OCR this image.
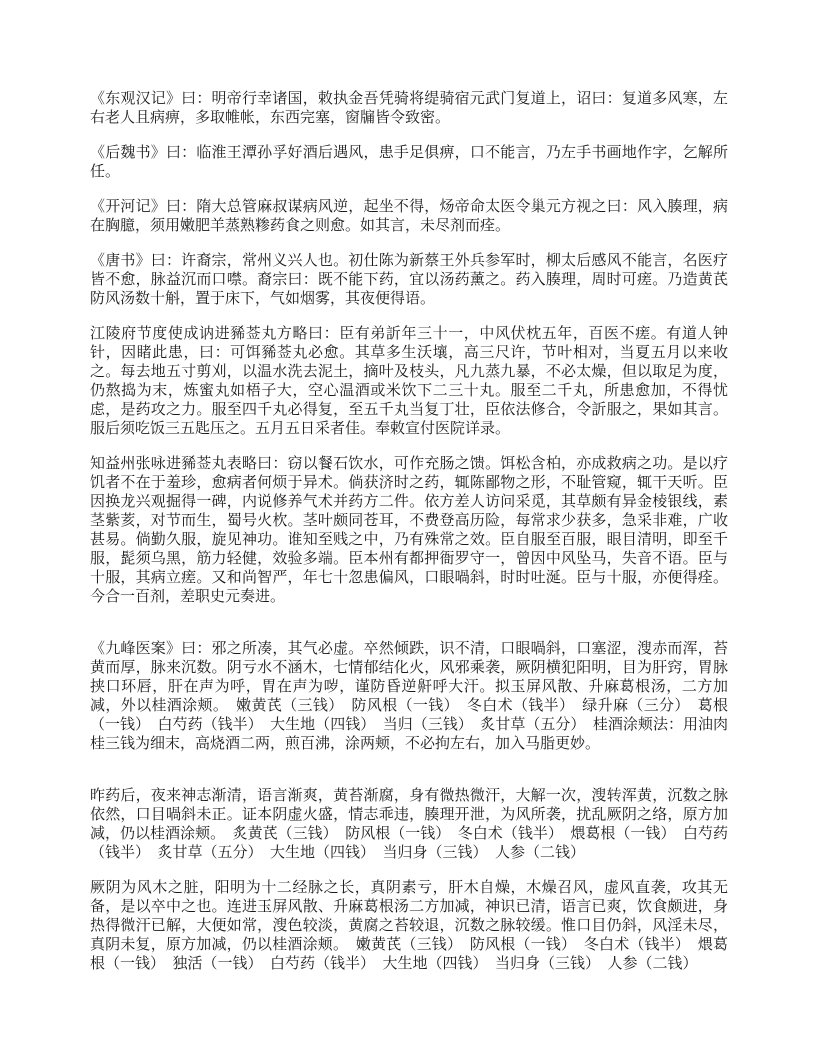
《东观汉记》曰：明帝行幸诸国，敕执金吾凭骑将缇骑宿元武门复道上，诏曰：复道多风寒，左右老人且病痹，多取帷帐，东西完塞，窗牖皆令致密。

《后魏书》曰：临淮王潭孙孚好酒后遇风，患手足俱痹，口不能言，乃左手书画地作字，乞解所任。

《开河记》曰：隋大总管麻叔谋病风逆，起坐不得，炀帝命太医令巢元方视之曰：风入腠理，病在胸臆，须用嫩肥羊蒸熟糁药食之则愈。如其言，未尽剂而痊。

《唐书》曰：许裔宗，常州义兴人也。初仕陈为新蔡王外兵参军时，柳太后感风不能言，名医疗皆不愈，脉益沉而口噤。裔宗曰：既不能下药，宜以汤药薰之。药入腠理，周时可瘥。乃造黄芪防风汤数十斛，置于床下，气如烟雾，其夜便得语。

江陵府节度使成讷进豨莶丸方略曰：臣有弟訢年三十一，中风伏枕五年，百医不瘥。有道人钟针，因睹此患，曰：可饵豨莶丸必愈。其草多生沃壤，高三尺许，节叶相对，当夏五月以来收之。每去地五寸剪刈，以温水洗去泥土，摘叶及枝头，凡九蒸九暴，不必太燥，但以取足为度，仍熬捣为末，炼蜜丸如梧子大，空心温酒或米饮下二三十丸。服至二千丸，所患愈加，不得忧虑，是药攻之力。服至四千丸必得复，至五千丸当复丁壮，臣依法修合，令訢服之，果如其言。服后须吃饭三五匙压之。五月五日采者佳。奉敕宣付医院详录。

知益州张咏进豨莶丸表略曰：窃以餐石饮水，可作充肠之馈。饵松含柏，亦成救病之功。是以疗饥者不在于羞珍，愈病者何烦于异术。倘获济时之药，辄陈鄙物之形，不耻管窥，辄干天听。臣因换龙兴观掘得一碑，内说修养气术并药方二件。依方差人访问采觅，其草颇有异金棱银线，素茎紫荄，对节而生，蜀号火杴。茎叶颇同苍耳，不费登高历险，每常求少获多，急采非难，广收甚易。倘勤久服，旋见神功。谁知至贱之中，乃有殊常之效。臣自服至百服，眼目清明，即至千服，髭须乌黑，筋力轻健，效验多端。臣本州有都押衙罗守一，曾因中风坠马，失音不语。臣与十服，其病立瘥。又和尚智严，年七十忽患偏风，口眼喎斜，时时吐涎。臣与十服，亦便得痊。今合一百剂，差职史元奏进。

《九峰医案》曰：邪之所凑，其气必虚。卒然倾跌，识不清，口眼喎斜，口塞涩，溲赤而浑，苔黄而厚，脉来沉数。阴亏水不涵木，七情郁结化火，风邪乘袭，厥阴横犯阳明，目为肝窍，胃脉挟口环唇，肝在声为呼，胃在声为哕，谨防昏逆鼾呼大汗。拟玉屏风散、升麻葛根汤，二方加减，外以桂酒涂颊。　嫩黄芪（三钱）　防风根（一钱）　冬白术（钱半）　绿升麻（三分）　葛根（一钱）　白芍药（钱半）　大生地（四钱）　当归（三钱）　炙甘草（五分）　桂酒涂颊法：用油肉桂三钱为细末，高烧酒二两，煎百沸，涂两颊，不必拘左右，加入马脂更妙。

昨药后，夜来神志渐清，语言渐爽，黄苔渐腐，身有微热微汗，大解一次，溲转浑黄，沉数之脉依然，口目喎斜未正。证本阴虚火盛，情志乖违，腠理开泄，为风所袭，扰乱厥阴之络，原方加减，仍以桂酒涂颊。　炙黄芪（三钱）　防风根（一钱）　冬白术（钱半）　煨葛根（一钱）　白芍药（钱半）　炙甘草（五分）　大生地（四钱）　当归身（三钱）　人参（二钱）

厥阴为风木之脏，阳明为十二经脉之长，真阴素亏，肝木自燥，木燥召风，虚风直袭，攻其无备，是以卒中之也。连进玉屏风散、升麻葛根汤二方加减，神识已清，语言已爽，饮食颇进，身热得微汗已解，大便如常，溲色较淡，黄腐之苔较退，沉数之脉较缓。惟口目仍斜，风淫未尽，真阴未复，原方加减，仍以桂酒涂颊。　嫩黄芪（三钱）　防风根（一钱）　冬白术（钱半）　煨葛根（一钱）　独活（一钱）　白芍药（钱半）　大生地（四钱）　当归身（三钱）　人参（二钱）
